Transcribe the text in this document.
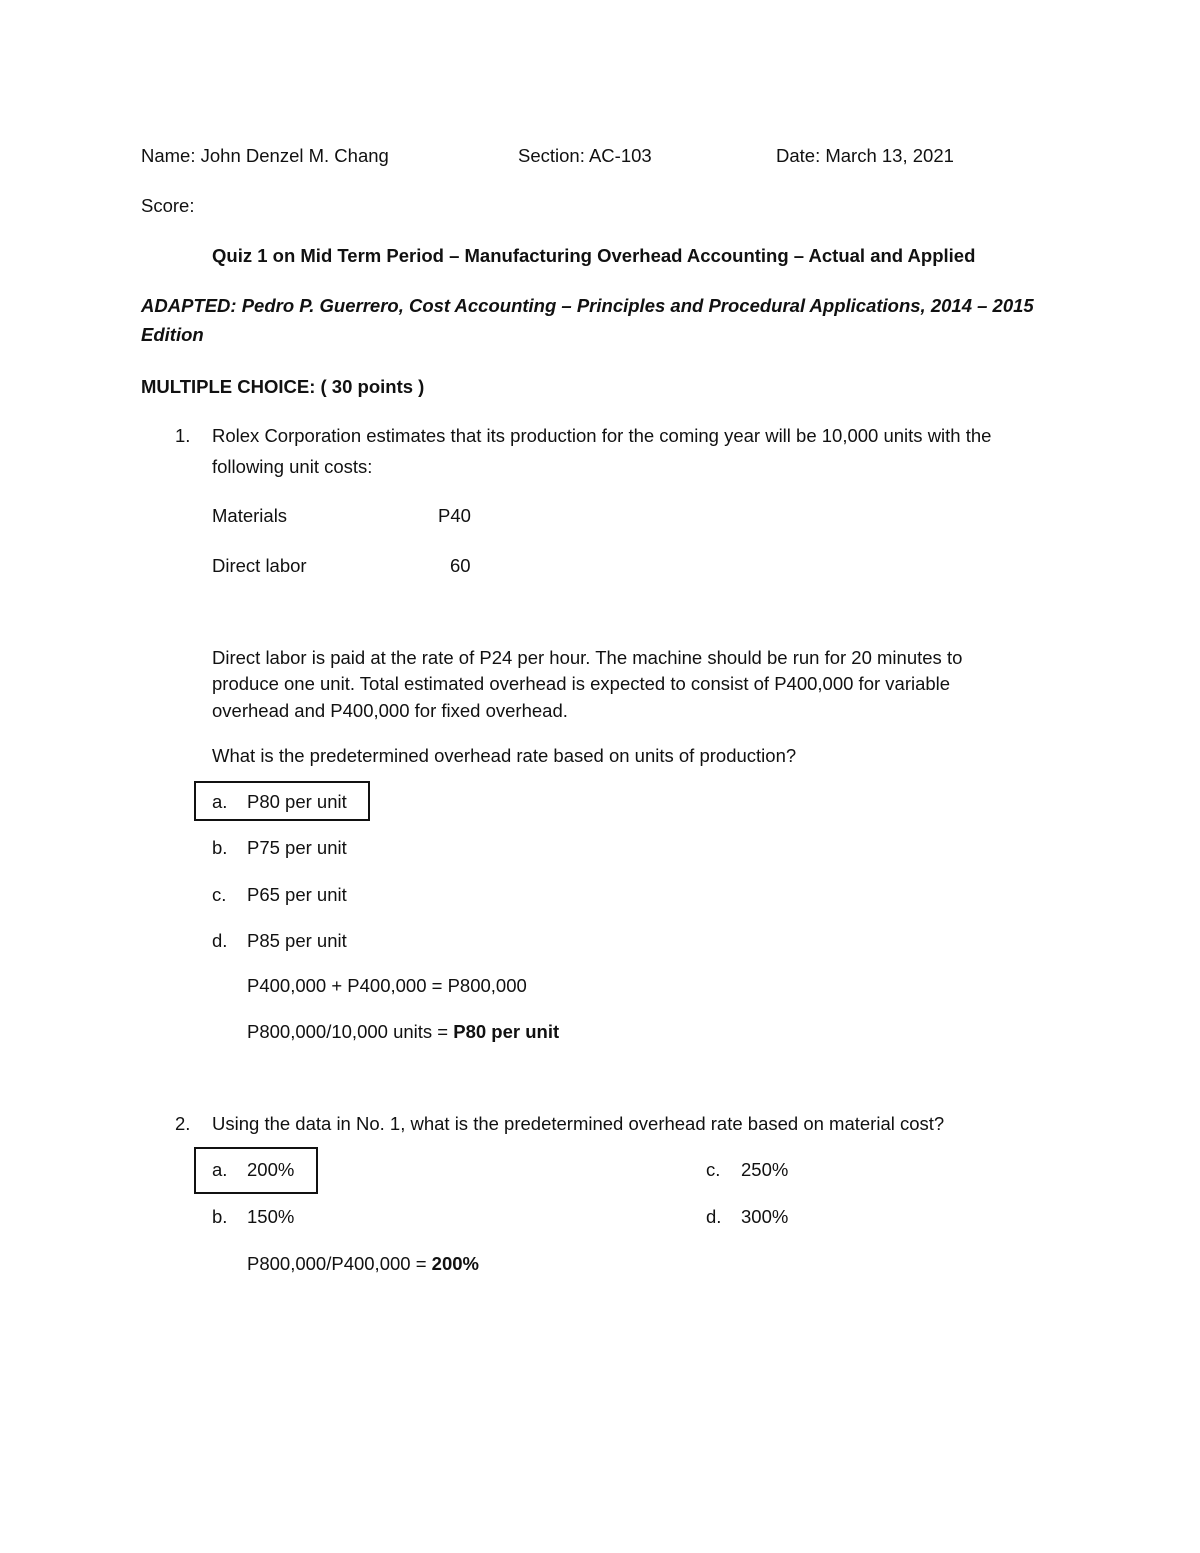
Name: John Denzel M. Chang	Section: AC-103	Date: March 13, 2021
Score:
Quiz 1 on Mid Term Period – Manufacturing Overhead Accounting – Actual and Applied
ADAPTED: Pedro P. Guerrero, Cost Accounting – Principles and Procedural Applications, 2014 – 2015
Edition
MULTIPLE CHOICE: ( 30 points )
1. Rolex Corporation estimates that its production for the coming year will be 10,000 units with the
following unit costs:
Materials	P40
Direct labor	60
Direct labor is paid at the rate of P24 per hour. The machine should be run for 20 minutes to
produce one unit. Total estimated overhead is expected to consist of P400,000 for variable
overhead and P400,000 for fixed overhead.
What is the predetermined overhead rate based on units of production?
a. P80 per unit
b. P75 per unit
c. P65 per unit
d. P85 per unit
P400,000 + P400,000 = P800,000
P800,000/10,000 units = P80 per unit
2. Using the data in No. 1, what is the predetermined overhead rate based on material cost?
a. 200%
b. 150%
c. 250%
d. 300%
P800,000/P400,000 = 200%
